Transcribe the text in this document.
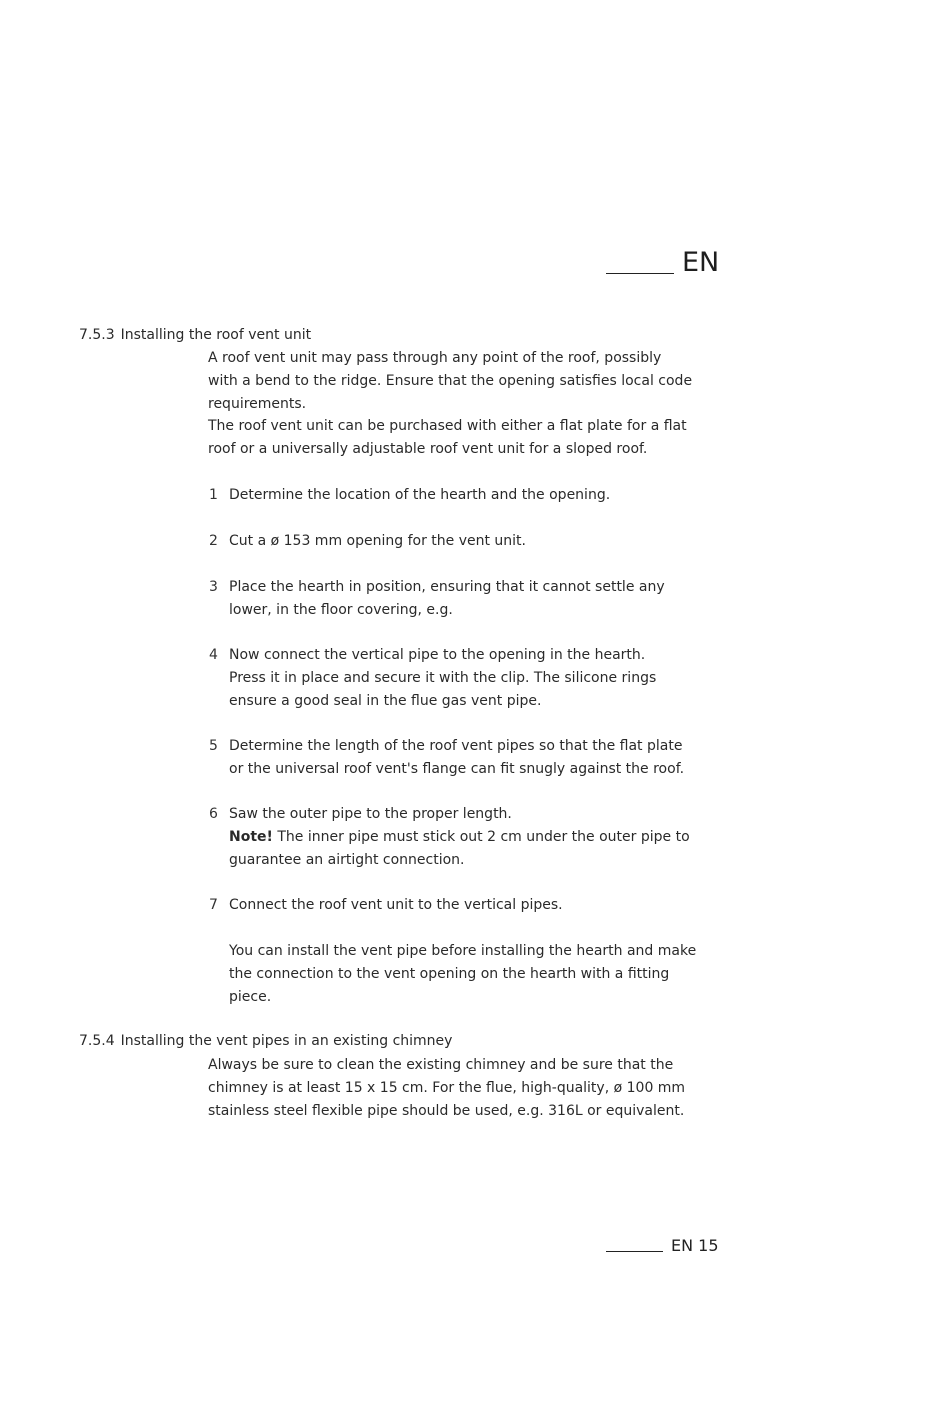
EN
7.5.3 Installing the roof vent unit

A roof vent unit may pass through any point of the roof, possibly
with a bend to the ridge. Ensure that the opening satisfies local code
requirements.
The roof vent unit can be purchased with either a flat plate for a flat
roof or a universally adjustable roof vent unit for a sloped roof.

1 Determine the location of the hearth and the opening.
2 Cut a ø 153 mm opening for the vent unit.
3 Place the hearth in position, ensuring that it cannot settle any
lower, in the floor covering, e.g.
4 Now connect the vertical pipe to the opening in the hearth.
Press it in place and secure it with the clip. The silicone rings
ensure a good seal in the flue gas vent pipe.
5 Determine the length of the roof vent pipes so that the flat plate
or the universal roof vent's flange can fit snugly against the roof.
6 Saw the outer pipe to the proper length.
Note! The inner pipe must stick out 2 cm under the outer pipe to
guarantee an airtight connection.
7 Connect the roof vent unit to the vertical pipes.

You can install the vent pipe before installing the hearth and make
the connection to the vent opening on the hearth with a fitting
piece.

7.5.4 Installing the vent pipes in an existing chimney

Always be sure to clean the existing chimney and be sure that the
chimney is at least 15 x 15 cm. For the flue, high-quality, ø 100 mm
stainless steel flexible pipe should be used, e.g. 316L or equivalent.

EN 15
